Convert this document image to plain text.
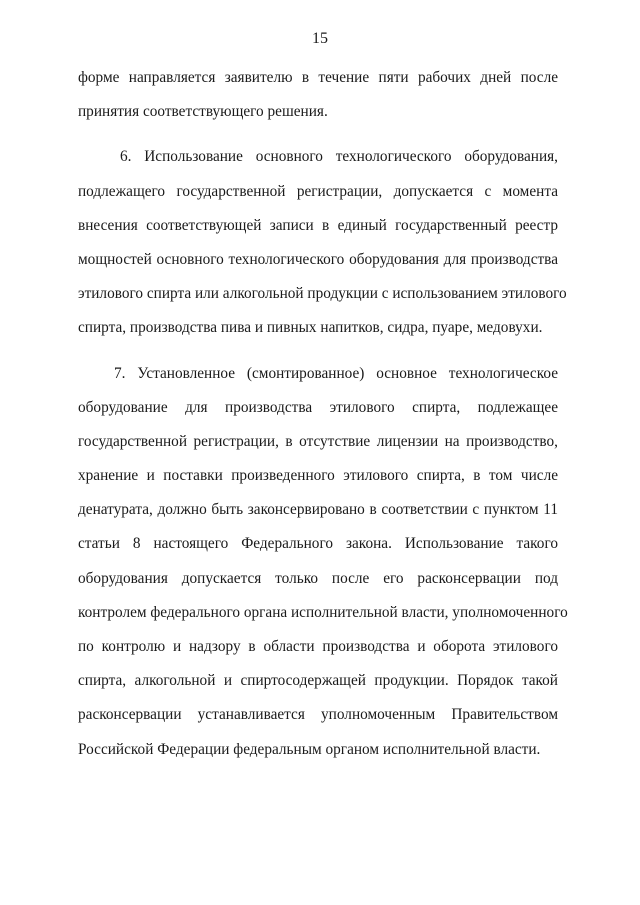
15
форме направляется заявителю в течение пяти рабочих дней после
принятия соответствующего решения.
6. Использование основного технологического оборудования,
подлежащего государственной регистрации, допускается с момента
внесения соответствующей записи в единый государственный реестр
мощностей основного технологического оборудования для производства
этилового спирта или алкогольной продукции с использованием этилового
спирта, производства пива и пивных напитков, сидра, пуаре, медовухи.
7. Установленное (смонтированное) основное технологическое
оборудование для производства этилового спирта, подлежащее
государственной регистрации, в отсутствие лицензии на производство,
хранение и поставки произведенного этилового спирта, в том числе
денатурата, должно быть законсервировано в соответствии с пунктом 11
статьи 8 настоящего Федерального закона. Использование такого
оборудования допускается только после его расконсервации под
контролем федерального органа исполнительной власти, уполномоченного
по контролю и надзору в области производства и оборота этилового
спирта, алкогольной и спиртосодержащей продукции. Порядок такой
расконсервации устанавливается уполномоченным Правительством
Российской Федерации федеральным органом исполнительной власти.
